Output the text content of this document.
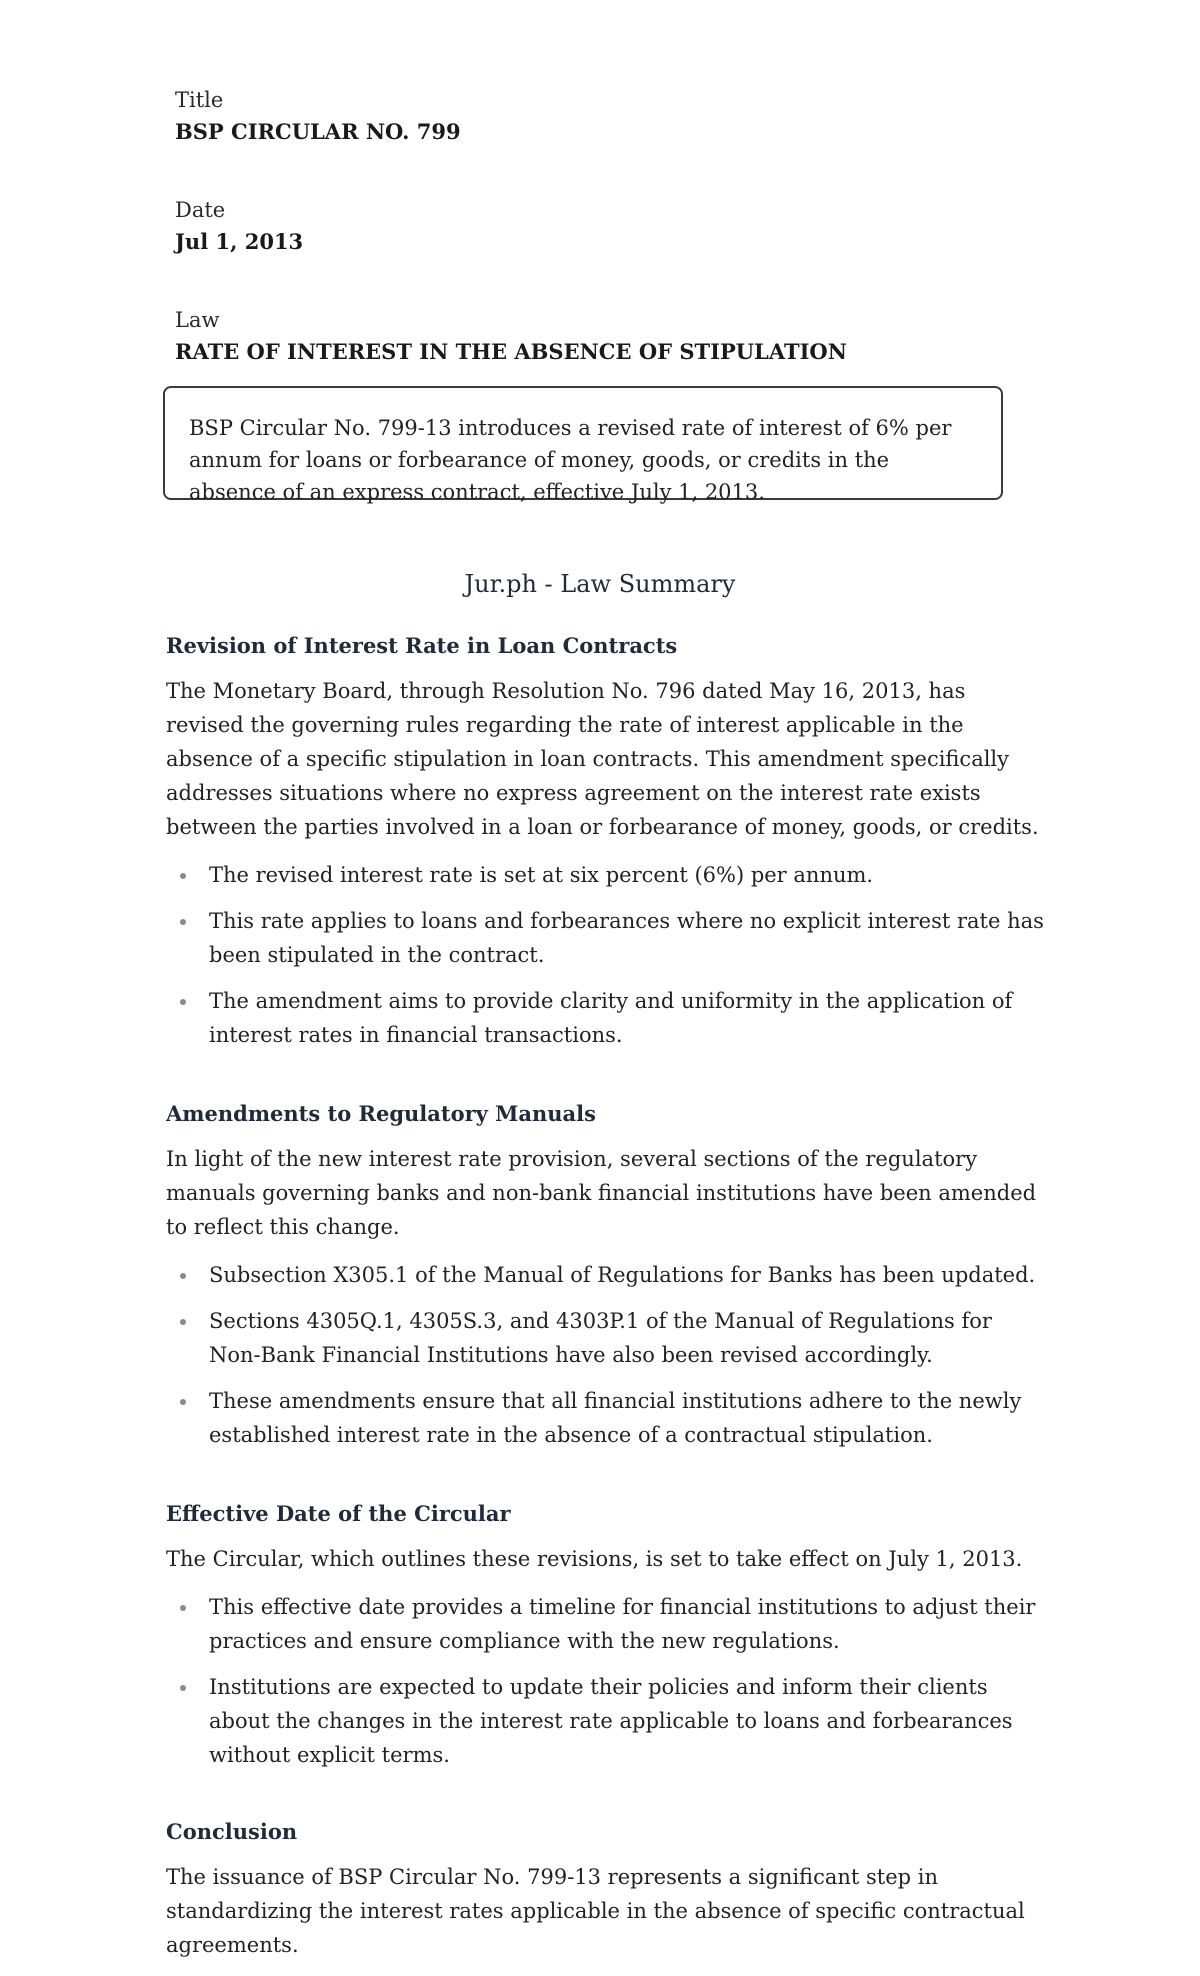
Title
BSP CIRCULAR NO. 799
Date
Jul 1, 2013
Law
RATE OF INTEREST IN THE ABSENCE OF STIPULATION

BSP Circular No. 799-13 introduces a revised rate of interest of 6% per annum for loans or forbearance of money, goods, or credits in the absence of an express contract, effective July 1, 2013.

Jur.ph - Law Summary
Revision of Interest Rate in Loan Contracts

The Monetary Board, through Resolution No. 796 dated May 16, 2013, has revised the governing rules regarding the rate of interest applicable in the absence of a specific stipulation in loan contracts. This amendment specifically addresses situations where no express agreement on the interest rate exists between the parties involved in a loan or forbearance of money, goods, or credits.

The revised interest rate is set at six percent (6%) per annum.
This rate applies to loans and forbearances where no explicit interest rate has been stipulated in the contract.
The amendment aims to provide clarity and uniformity in the application of interest rates in financial transactions.
Amendments to Regulatory Manuals

In light of the new interest rate provision, several sections of the regulatory manuals governing banks and non-bank financial institutions have been amended to reflect this change.

Subsection X305.1 of the Manual of Regulations for Banks has been updated.
Sections 4305Q.1, 4305S.3, and 4303P.1 of the Manual of Regulations for Non-Bank Financial Institutions have also been revised accordingly.
These amendments ensure that all financial institutions adhere to the newly established interest rate in the absence of a contractual stipulation.
Effective Date of the Circular

The Circular, which outlines these revisions, is set to take effect on July 1, 2013.

This effective date provides a timeline for financial institutions to adjust their practices and ensure compliance with the new regulations.
Institutions are expected to update their policies and inform their clients about the changes in the interest rate applicable to loans and forbearances without explicit terms.
Conclusion

The issuance of BSP Circular No. 799-13 represents a significant step in standardizing the interest rates applicable in the absence of specific contractual agreements.
